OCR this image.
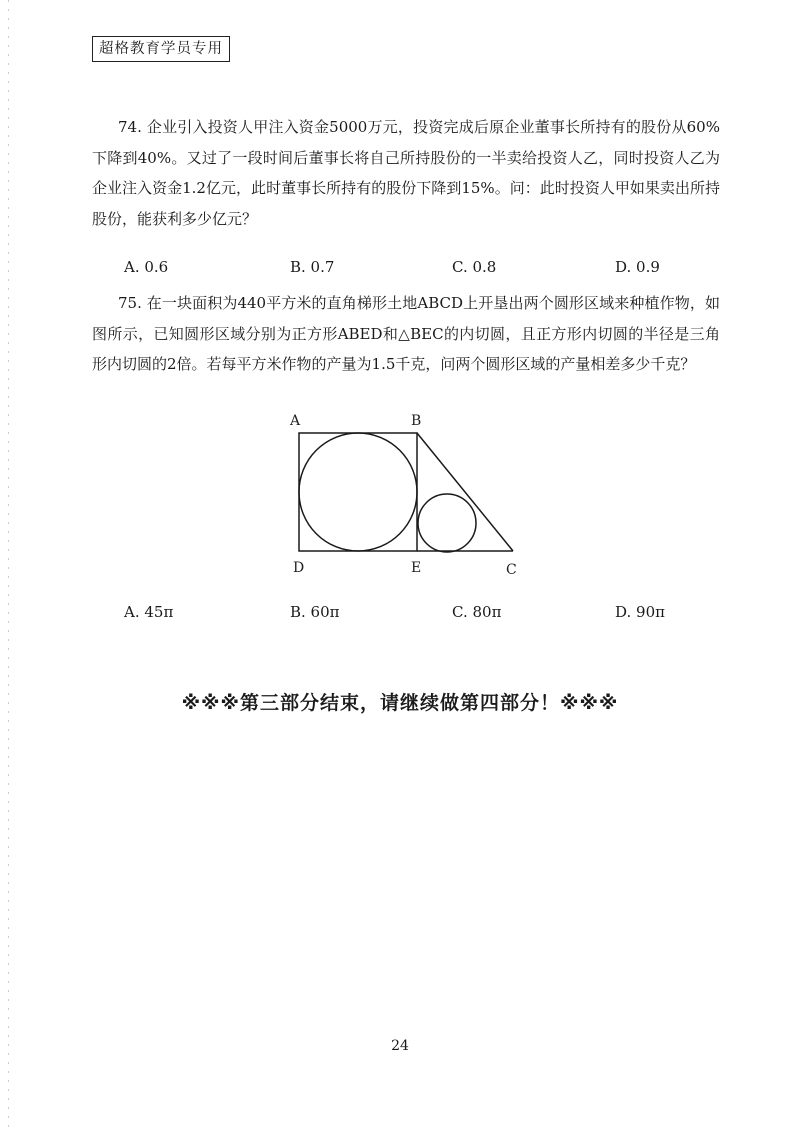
超格教育学员专用
74. 企业引入投资人甲注入资金5000万元，投资完成后原企业董事长所持有的股份从60%下降到40%。又过了一段时间后董事长将自己所持股份的一半卖给投资人乙，同时投资人乙为企业注入资金1.2亿元，此时董事长所持有的股份下降到15%。问：此时投资人甲如果卖出所持股份，能获利多少亿元？
A. 0.6	B. 0.7	C. 0.8	D. 0.9
75. 在一块面积为440平方米的直角梯形土地ABCD上开垦出两个圆形区域来种植作物，如图所示，已知圆形区域分别为正方形ABED和△BEC的内切圆，且正方形内切圆的半径是三角形内切圆的2倍。若每平方米作物的产量为1.5千克，问两个圆形区域的产量相差多少千克？
A	B
D	E	C
A. 45π	B. 60π	C. 80π	D. 90π
※※※第三部分结束，请继续做第四部分！※※※
24
